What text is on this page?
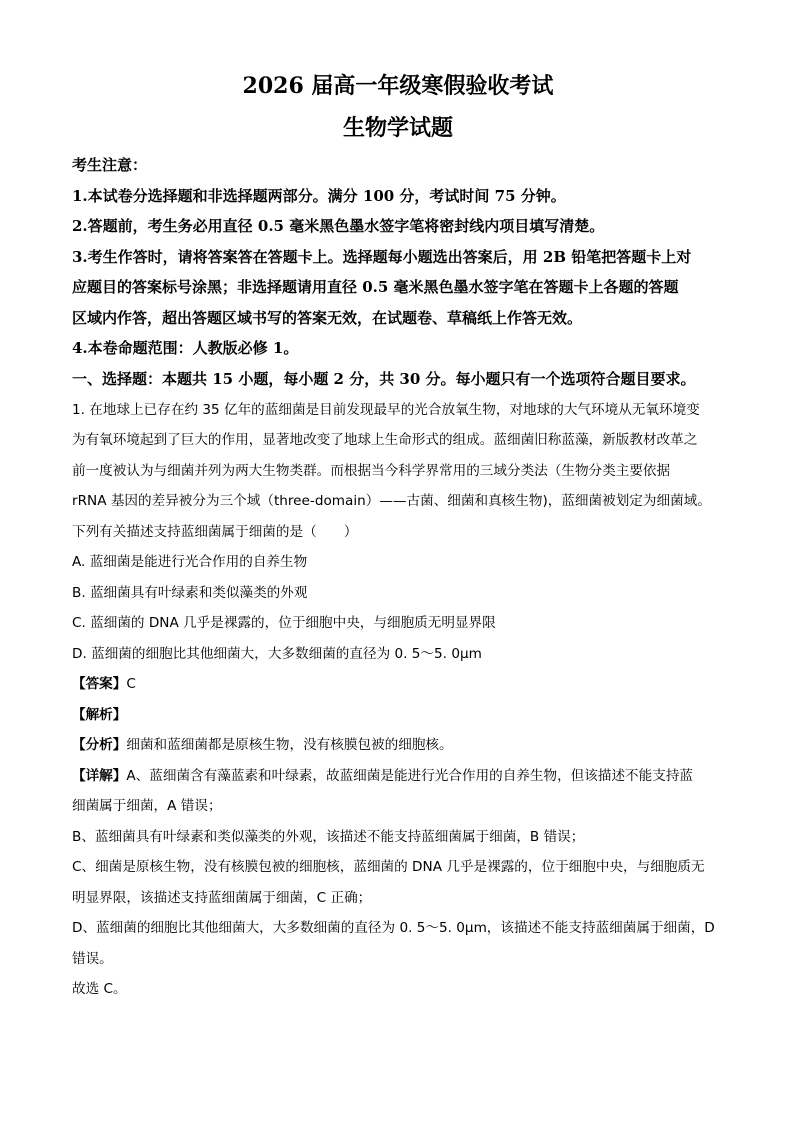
2026 届高一年级寒假验收考试
生物学试题
考生注意：
1.本试卷分选择题和非选择题两部分。满分 100 分，考试时间 75 分钟。
2.答题前，考生务必用直径 0.5 毫米黑色墨水签字笔将密封线内项目填写清楚。
3.考生作答时，请将答案答在答题卡上。选择题每小题选出答案后，用 2B 铅笔把答题卡上对
应题目的答案标号涂黑；非选择题请用直径 0.5 毫米黑色墨水签字笔在答题卡上各题的答题
区域内作答，超出答题区域书写的答案无效，在试题卷、草稿纸上作答无效。
4.本卷命题范围：人教版必修 1。
一、选择题：本题共 15 小题，每小题 2 分，共 30 分。每小题只有一个选项符合题目要求。
1. 在地球上已存在约 35 亿年的蓝细菌是目前发现最早的光合放氧生物，对地球的大气环境从无氧环境变
为有氧环境起到了巨大的作用，显著地改变了地球上生命形式的组成。蓝细菌旧称蓝藻，新版教材改革之
前一度被认为与细菌并列为两大生物类群。而根据当今科学界常用的三域分类法（生物分类主要依据
rRNA 基因的差异被分为三个域（three-domain）——古菌、细菌和真核生物)，蓝细菌被划定为细菌域。
下列有关描述支持蓝细菌属于细菌的是（　　）
A. 蓝细菌是能进行光合作用的自养生物
B. 蓝细菌具有叶绿素和类似藻类的外观
C. 蓝细菌的 DNA 几乎是裸露的，位于细胞中央，与细胞质无明显界限
D. 蓝细菌的细胞比其他细菌大，大多数细菌的直径为 0. 5～5. 0μm
【答案】C
【解析】
【分析】细菌和蓝细菌都是原核生物，没有核膜包被的细胞核。
【详解】A、蓝细菌含有藻蓝素和叶绿素，故蓝细菌是能进行光合作用的自养生物，但该描述不能支持蓝
细菌属于细菌，A 错误；
B、蓝细菌具有叶绿素和类似藻类的外观，该描述不能支持蓝细菌属于细菌，B 错误；
C、细菌是原核生物，没有核膜包被的细胞核，蓝细菌的 DNA 几乎是裸露的，位于细胞中央，与细胞质无
明显界限，该描述支持蓝细菌属于细菌，C 正确；
D、蓝细菌的细胞比其他细菌大，大多数细菌的直径为 0. 5～5. 0μm，该描述不能支持蓝细菌属于细菌，D
错误。
故选 C。
